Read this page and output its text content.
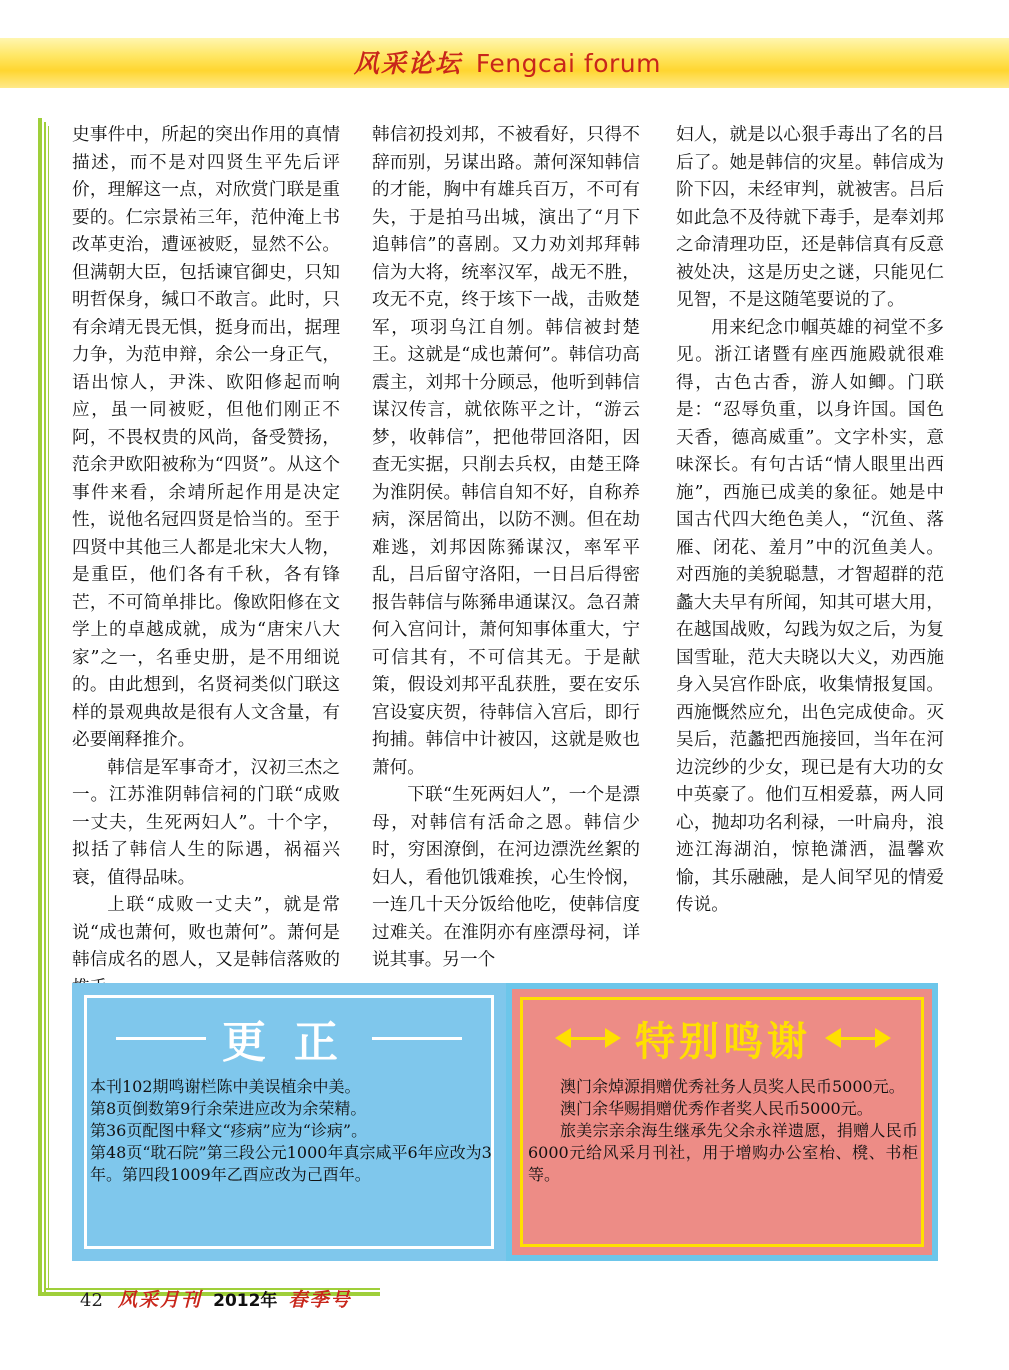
风采论坛 Fengcai forum

史事件中，所起的突出作用的真情描述，而不是对四贤生平先后评价，理解这一点，对欣赏门联是重要的。仁宗景祐三年，范仲淹上书改革吏治，遭诬被贬，显然不公。但满朝大臣，包括谏官御史，只知明哲保身，缄口不敢言。此时，只有余靖无畏无惧，挺身而出，据理力争，为范申辩，余公一身正气，语出惊人，尹洙、欧阳修起而响应，虽一同被贬，但他们刚正不阿，不畏权贵的风尚，备受赞扬，范余尹欧阳被称为“四贤”。从这个事件来看，余靖所起作用是决定性，说他名冠四贤是恰当的。至于四贤中其他三人都是北宋大人物，是重臣，他们各有千秋，各有锋芒，不可简单排比。像欧阳修在文学上的卓越成就，成为“唐宋八大家”之一，名垂史册，是不用细说的。由此想到，名贤祠类似门联这样的景观典故是很有人文含量，有必要阐释推介。

韩信是军事奇才，汉初三杰之一。江苏淮阴韩信祠的门联“成败一丈夫，生死两妇人”。十个字，拟括了韩信人生的际遇，祸福兴衰，值得品味。

上联“成败一丈夫”，就是常说“成也萧何，败也萧何”。萧何是韩信成名的恩人，又是韩信落败的

韩信初投刘邦，不被看好，只得不辞而别，另谋出路。萧何深知韩信的才能，胸中有雄兵百万，不可有失，于是拍马出城，演出了“月下追韩信”的喜剧。又力劝刘邦拜韩信为大将，统率汉军，战无不胜，攻无不克，终于垓下一战，击败楚军，项羽乌江自刎。韩信被封楚王。这就是“成也萧何”。韩信功高震主，刘邦十分顾忌，他听到韩信谋汉传言，就依陈平之计，“游云梦，收韩信”，把他带回洛阳，因查无实据，只削去兵权，由楚王降为淮阴侯。韩信自知不好，自称养病，深居简出，以防不测。但在劫难逃，刘邦因陈豨谋汉，率军平乱，吕后留守洛阳，一日吕后得密报告韩信与陈豨串通谋汉。急召萧何入宫问计，萧何知事体重大，宁可信其有，不可信其无。于是献策，假设刘邦平乱获胜，要在安乐宫设宴庆贺，待韩信入宫后，即行拘捕。韩信中计被囚，这就是败也萧何。

下联“生死两妇人”，一个是漂母，对韩信有活命之恩。韩信少时，穷困潦倒，在河边漂洗丝絮的妇人，看他饥饿难挨，心生怜悯，一连几十天分饭给他吃，使韩信度过难关。在淮阴亦有座漂母祠，详说其事。另一个

妇人，就是以心狠手毒出了名的吕后了。她是韩信的灾星。韩信成为阶下囚，未经审判，就被害。吕后如此急不及待就下毒手，是奉刘邦之命清理功臣，还是韩信真有反意被处决，这是历史之谜，只能见仁见智，不是这随笔要说的了。

用来纪念巾帼英雄的祠堂不多见。浙江诸暨有座西施殿就很难得，古色古香，游人如鲫。门联是：“忍辱负重，以身许国。国色天香，德高威重”。文字朴实，意味深长。有句古话“情人眼里出西施”，西施已成美的象征。她是中国古代四大绝色美人，“沉鱼、落雁、闭花、羞月”中的沉鱼美人。对西施的美貌聪慧，才智超群的范蠡大夫早有所闻，知其可堪大用，在越国战败，勾践为奴之后，为复国雪耻，范大夫晓以大义，劝西施身入吴宫作卧底，收集情报复国。西施慨然应允，出色完成使命。灭吴后，范蠡把西施接回，当年在河边浣纱的少女，现已是有大功的女中英豪了。他们互相爱慕，两人同心，抛却功名利禄，一叶扁舟，浪迹江海湖泊，惊艳潇洒，温馨欢愉，其乐融融，是人间罕见的情爱传说。

更正

本刊102期鸣谢栏陈中美误植余中美。

第8页倒数第9行余荣进应改为余荣精。

第36页配图中释文“疹病”应为“诊病”。

第48页“耽石院”第三段公元1000年真宗咸平6年应改为3年。第四段1009年乙酉应改为己酉年。

特别鸣谢

澳门余焯源捐赠优秀社务人员奖人民币5000元。

澳门余华赐捐赠优秀作者奖人民币5000元。

旅美宗亲余海生继承先父余永祥遗愿，捐赠人民币6000元给风采月刊社，用于增购办公室枱、櫈、书柜等。

42 风采月刊 2012年 春季号
